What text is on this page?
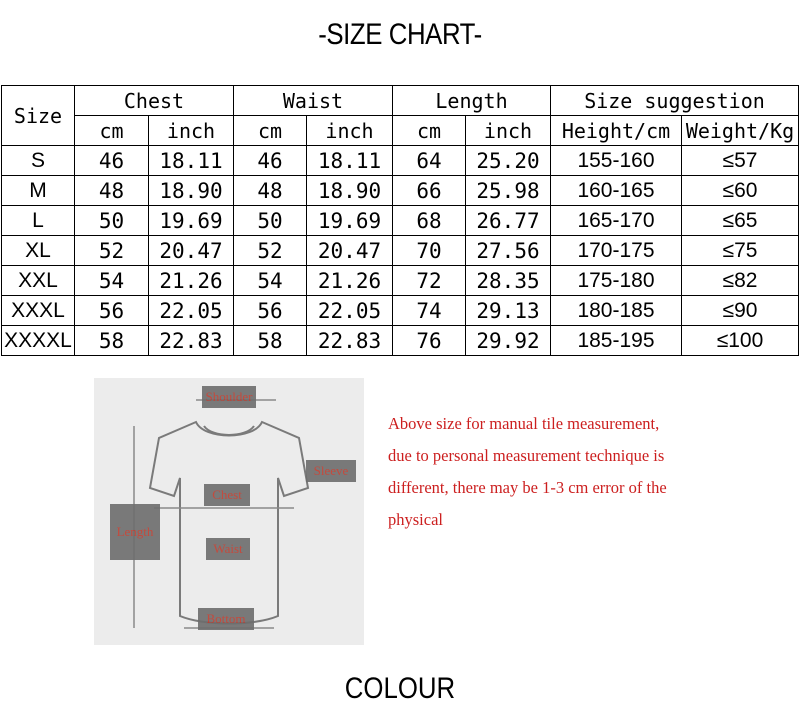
-SIZE CHART-
Size	Chest		Waist		Length		Size suggestion	
	cm	inch	cm	inch	cm	inch	Height/cm	Weight/Kg
S	46	18.11	46	18.11	64	25.20	155-160	≤57
M	48	18.90	48	18.90	66	25.98	160-165	≤60
L	50	19.69	50	19.69	68	26.77	165-170	≤65
XL	52	20.47	52	20.47	70	27.56	170-175	≤75
XXL	54	21.26	54	21.26	72	28.35	175-180	≤82
XXXL	56	22.05	56	22.05	74	29.13	180-185	≤90
XXXXL	58	22.83	58	22.83	76	29.92	185-195	≤100
Shoulder
Sleeve
Chest
Length
Waist
Bottom
Above size for manual tile measurement,
due to personal measurement technique is
different, there may be 1-3 cm error of the
physical
COLOUR
